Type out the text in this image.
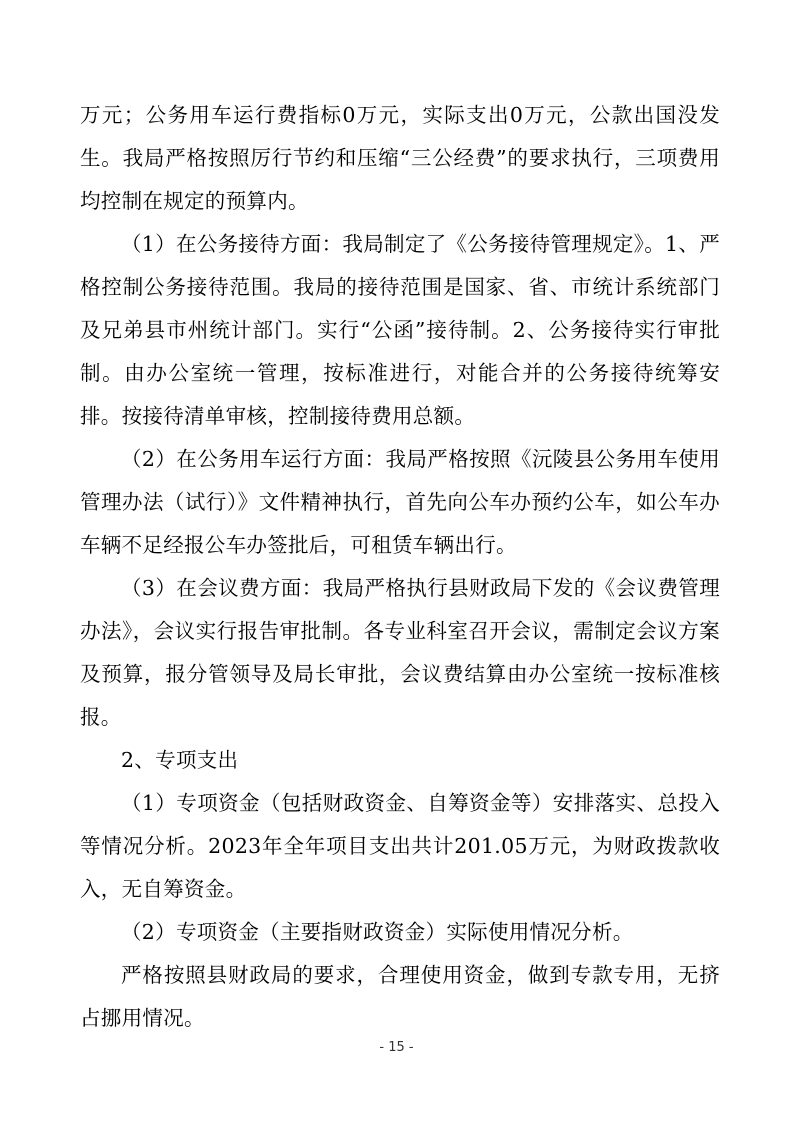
万元；公务用车运行费指标0万元，实际支出0万元，公款出国没发生。我局严格按照厉行节约和压缩“三公经费”的要求执行，三项费用均控制在规定的预算内。

（1）在公务接待方面：我局制定了《公务接待管理规定》。1、严格控制公务接待范围。我局的接待范围是国家、省、市统计系统部门及兄弟县市州统计部门。实行“公函”接待制。2、公务接待实行审批制。由办公室统一管理，按标准进行，对能合并的公务接待统筹安排。按接待清单审核，控制接待费用总额。

（2）在公务用车运行方面：我局严格按照《沅陵县公务用车使用管理办法（试行）》文件精神执行，首先向公车办预约公车，如公车办车辆不足经报公车办签批后，可租赁车辆出行。

（3）在会议费方面：我局严格执行县财政局下发的《会议费管理办法》，会议实行报告审批制。各专业科室召开会议，需制定会议方案及预算，报分管领导及局长审批，会议费结算由办公室统一按标准核报。

2、专项支出

（1）专项资金（包括财政资金、自筹资金等）安排落实、总投入等情况分析。2023年全年项目支出共计201.05万元，为财政拨款收入，无自筹资金。

（2）专项资金（主要指财政资金）实际使用情况分析。

严格按照县财政局的要求，合理使用资金，做到专款专用，无挤占挪用情况。

- 15 -
